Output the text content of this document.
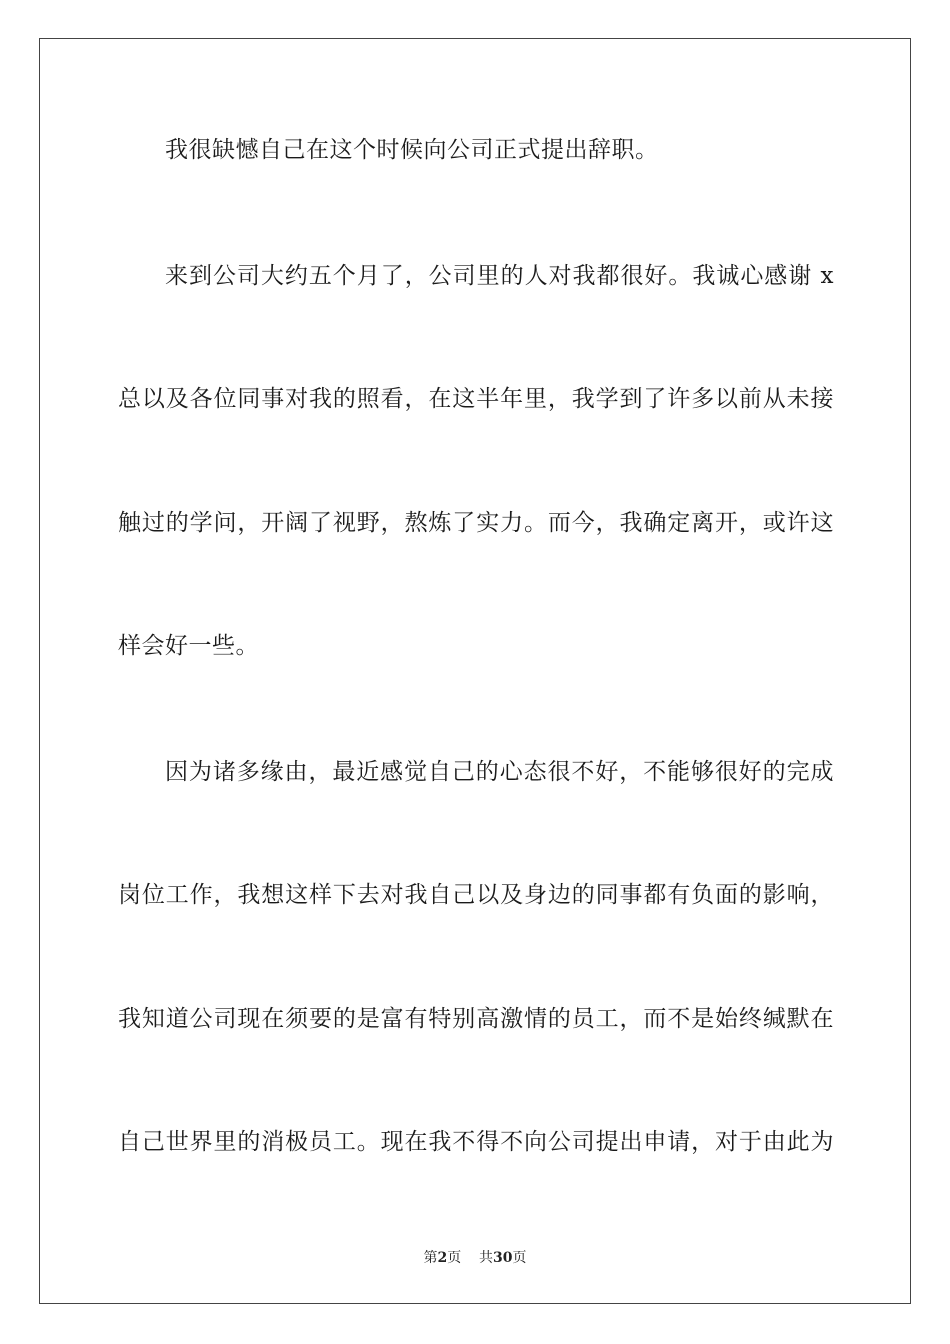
我很缺憾自己在这个时候向公司正式提出辞职。
来到公司大约五个月了，公司里的人对我都很好。我诚心感谢 x
总以及各位同事对我的照看，在这半年里，我学到了许多以前从未接
触过的学问，开阔了视野，熬炼了实力。而今，我确定离开，或许这
样会好一些。
因为诸多缘由，最近感觉自己的心态很不好，不能够很好的完成
岗位工作，我想这样下去对我自己以及身边的同事都有负面的影响，
我知道公司现在须要的是富有特别高激情的员工，而不是始终缄默在
自己世界里的消极员工。现在我不得不向公司提出申请，对于由此为
第2页 共30页
